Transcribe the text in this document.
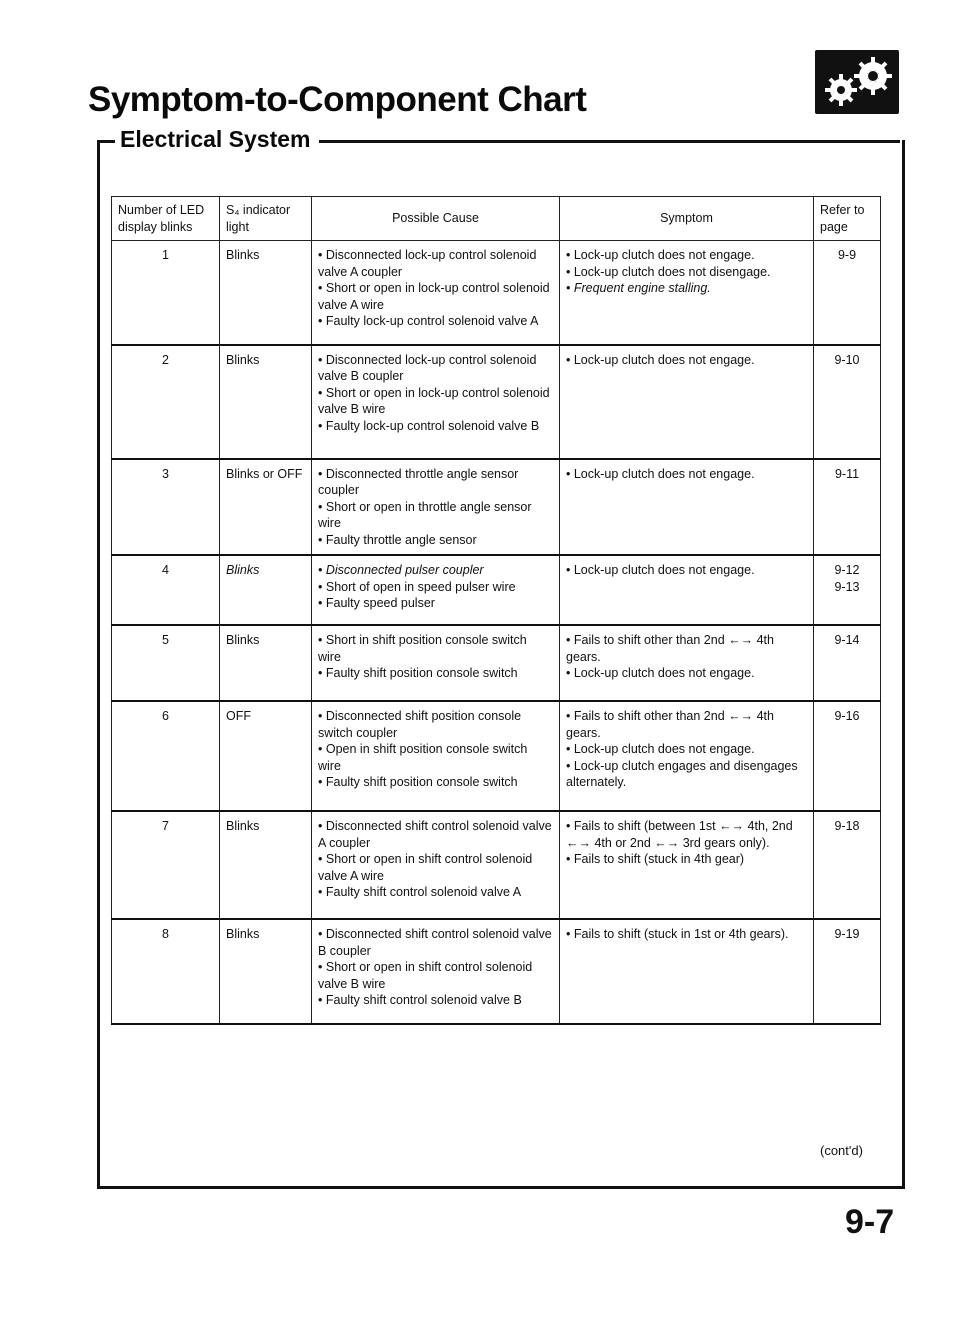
Symptom-to-Component Chart
Electrical System
Number of LED display blinks	S₄ indicator light	Possible Cause	Symptom	Refer to page
1	Blinks	• Disconnected lock-up control solenoid valve A coupler
• Short or open in lock-up control solenoid valve A wire
• Faulty lock-up control solenoid valve A	• Lock-up clutch does not engage.
• Lock-up clutch does not disengage.
• Frequent engine stalling.	9-9
2	Blinks	• Disconnected lock-up control solenoid valve B coupler
• Short or open in lock-up control solenoid valve B wire
• Faulty lock-up control solenoid valve B	• Lock-up clutch does not engage.	9-10
3	Blinks or OFF	• Disconnected throttle angle sensor coupler
• Short or open in throttle angle sensor wire
• Faulty throttle angle sensor	• Lock-up clutch does not engage.	9-11
4	Blinks	• Disconnected pulser coupler
• Short of open in speed pulser wire
• Faulty speed pulser	• Lock-up clutch does not engage.	9-12
9-13
5	Blinks	• Short in shift position console switch wire
• Faulty shift position console switch	• Fails to shift other than 2nd ←→ 4th gears.
• Lock-up clutch does not engage.	9-14
6	OFF	• Disconnected shift position console switch coupler
• Open in shift position console switch wire
• Faulty shift position console switch	• Fails to shift other than 2nd ←→ 4th gears.
• Lock-up clutch does not engage.
• Lock-up clutch engages and disengages alternately.	9-16
7	Blinks	• Disconnected shift control solenoid valve A coupler
• Short or open in shift control solenoid valve A wire
• Faulty shift control solenoid valve A	• Fails to shift (between 1st ←→ 4th, 2nd ←→ 4th or 2nd ←→ 3rd gears only).
• Fails to shift (stuck in 4th gear)	9-18
8	Blinks	• Disconnected shift control solenoid valve B coupler
• Short or open in shift control solenoid valve B wire
• Faulty shift control solenoid valve B	• Fails to shift (stuck in 1st or 4th gears).	9-19
(cont'd)
9-7
